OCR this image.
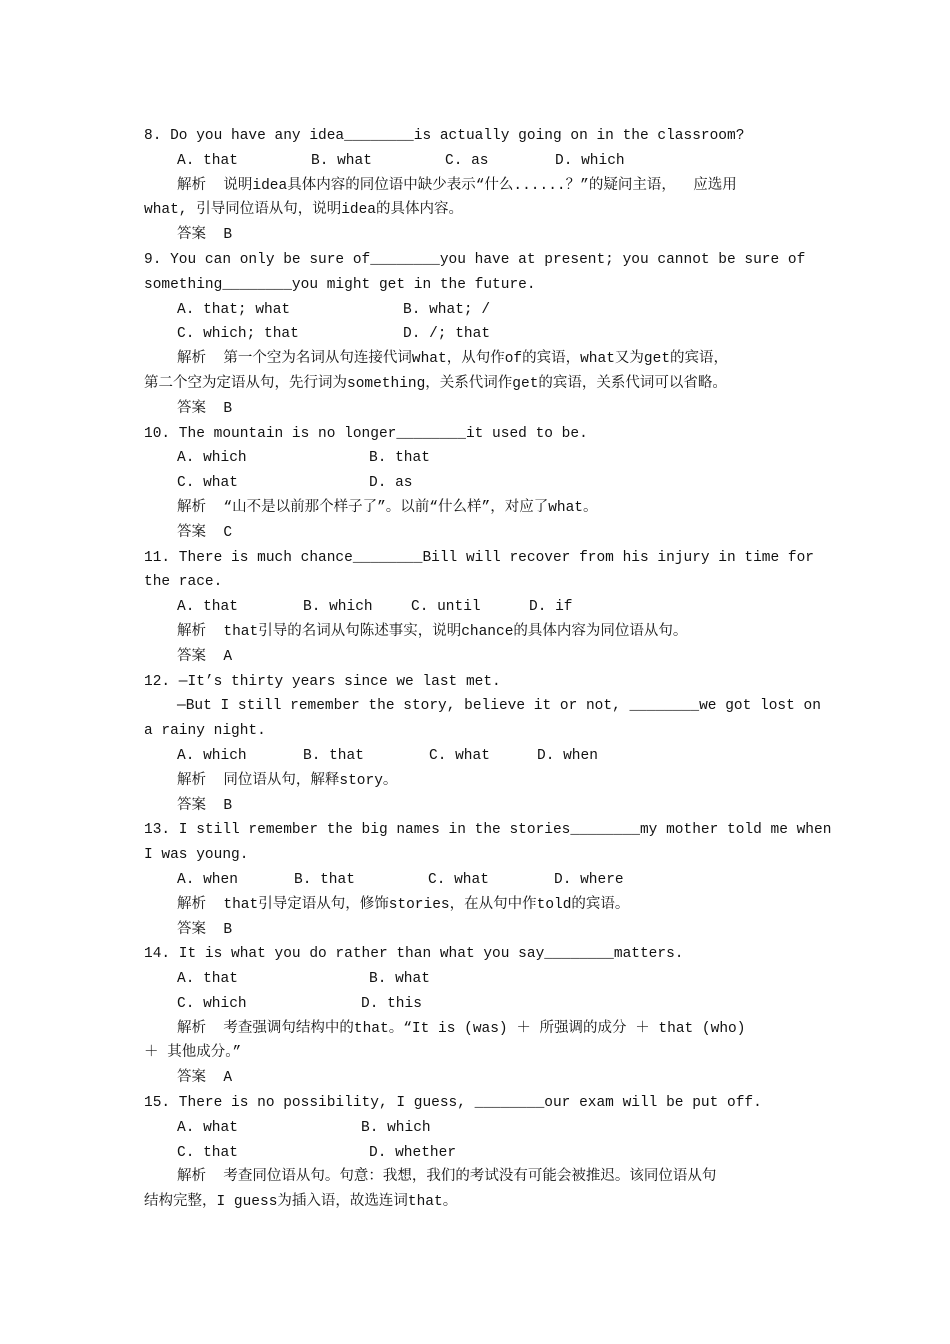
8. Do you have any idea________is actually going on in the classroom?
A. that	B. what	C. as	D. which
解析  说明idea具体内容的同位语中缺少表示“什么......？”的疑问主语，  应选用
what, 引导同位语从句，说明idea的具体内容。
答案  B
9. You can only be sure of________you have at present; you cannot be sure of
something________you might get in the future.
A. that; what	B. what; /
C. which; that	D. /; that
解析  第一个空为名词从句连接代词what，从句作of的宾语，what又为get的宾语，
第二个空为定语从句，先行词为something，关系代词作get的宾语，关系代词可以省略。
答案  B
10. The mountain is no longer________it used to be.
A. which	B. that
C. what	D. as
解析  “山不是以前那个样子了”。以前“什么样”，对应了what。
答案  C
11. There is much chance________Bill will recover from his injury in time for
the race.
A. that	B. which	C. until	D. if
解析  that引导的名词从句陈述事实，说明chance的具体内容为同位语从句。
答案  A
12. —It’s thirty years since we last met.
—But I still remember the story, believe it or not, ________we got lost on
a rainy night.
A. which	B. that	C. what	D. when
解析  同位语从句，解释story。
答案  B
13. I still remember the big names in the stories________my mother told me when
I was young.
A. when	B. that	C. what	D. where
解析  that引导定语从句，修饰stories，在从句中作told的宾语。
答案  B
14. It is what you do rather than what you say________matters.
A. that	B. what
C. which	D. this
解析  考查强调句结构中的that。“It is (was) ＋ 所强调的成分 ＋ that (who)
＋ 其他成分。”
答案  A
15. There is no possibility, I guess, ________our exam will be put off.
A. what	B. which
C. that	D. whether
解析  考查同位语从句。句意：我想，我们的考试没有可能会被推迟。该同位语从句
结构完整，I guess为插入语，故选连词that。
